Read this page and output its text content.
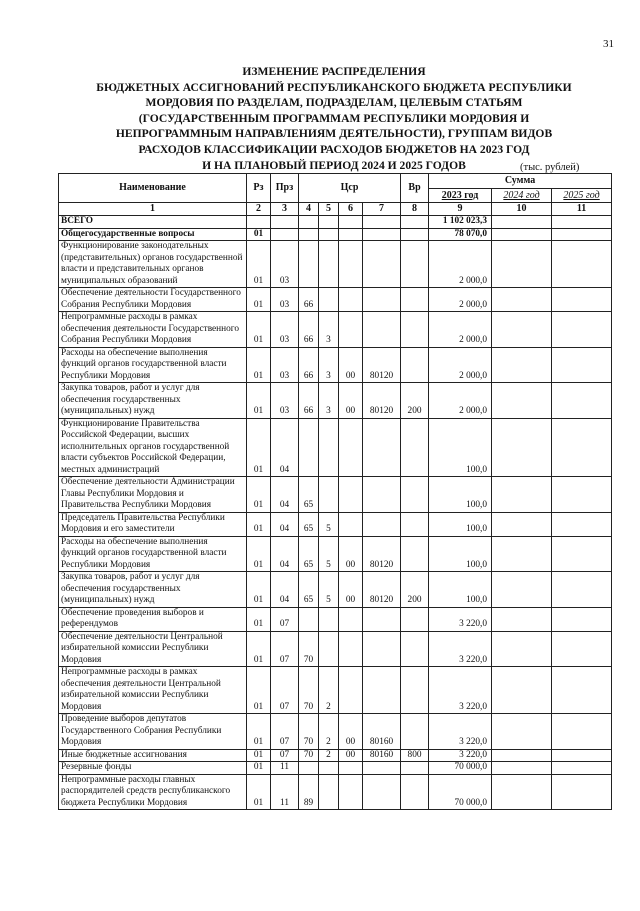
31
ИЗМЕНЕНИЕ РАСПРЕДЕЛЕНИЯ
БЮДЖЕТНЫХ АССИГНОВАНИЙ РЕСПУБЛИКАНСКОГО БЮДЖЕТА РЕСПУБЛИКИ
МОРДОВИЯ ПО РАЗДЕЛАМ, ПОДРАЗДЕЛАМ, ЦЕЛЕВЫМ СТАТЬЯМ
(ГОСУДАРСТВЕННЫМ ПРОГРАММАМ РЕСПУБЛИКИ МОРДОВИЯ И
НЕПРОГРАММНЫМ НАПРАВЛЕНИЯМ ДЕЯТЕЛЬНОСТИ), ГРУППАМ ВИДОВ
РАСХОДОВ КЛАССИФИКАЦИИ РАСХОДОВ БЮДЖЕТОВ НА 2023 ГОД
И НА ПЛАНОВЫЙ ПЕРИОД 2024 И 2025 ГОДОВ	(тыс. рублей)
Наименование	Рз	Прз	Цср				Вр	Сумма		
								2023 год	2024 год	2025 год
1	2	3	4	5	6	7	8	9	10	11
ВСЕГО								1 102 023,3		
Общегосударственные вопросы	01							78 070,0		
Функционирование законодательных (представительных) органов государственной власти и представительных органов муниципальных образований	01	03						2 000,0		
Обеспечение деятельности Государственного Собрания Республики Мордовия	01	03	66					2 000,0		
Непрограммные расходы в рамках обеспечения деятельности Государственного Собрания Республики Мордовия	01	03	66	3				2 000,0		
Расходы на обеспечение выполнения функций органов государственной власти Республики Мордовия	01	03	66	3	00	80120		2 000,0		
Закупка товаров, работ и услуг для обеспечения государственных (муниципальных) нужд	01	03	66	3	00	80120	200	2 000,0		
Функционирование Правительства Российской Федерации, высших исполнительных органов государственной власти субъектов Российской Федерации, местных администраций	01	04						100,0		
Обеспечение деятельности Администрации Главы Республики Мордовия и Правительства Республики Мордовия	01	04	65					100,0		
Председатель Правительства Республики Мордовия и его заместители	01	04	65	5				100,0		
Расходы на обеспечение выполнения функций органов государственной власти Республики Мордовия	01	04	65	5	00	80120		100,0		
Закупка товаров, работ и услуг для обеспечения государственных (муниципальных) нужд	01	04	65	5	00	80120	200	100,0		
Обеспечение проведения выборов и референдумов	01	07						3 220,0		
Обеспечение деятельности Центральной избирательной комиссии Республики Мордовия	01	07	70					3 220,0		
Непрограммные расходы в рамках обеспечения деятельности Центральной избирательной комиссии Республики Мордовия	01	07	70	2				3 220,0		
Проведение выборов депутатов Государственного Собрания Республики Мордовия	01	07	70	2	00	80160		3 220,0		
Иные бюджетные ассигнования	01	07	70	2	00	80160	800	3 220,0		
Резервные фонды	01	11						70 000,0		
Непрограммные расходы главных распорядителей средств республиканского бюджета Республики Мордовия	01	11	89					70 000,0		
